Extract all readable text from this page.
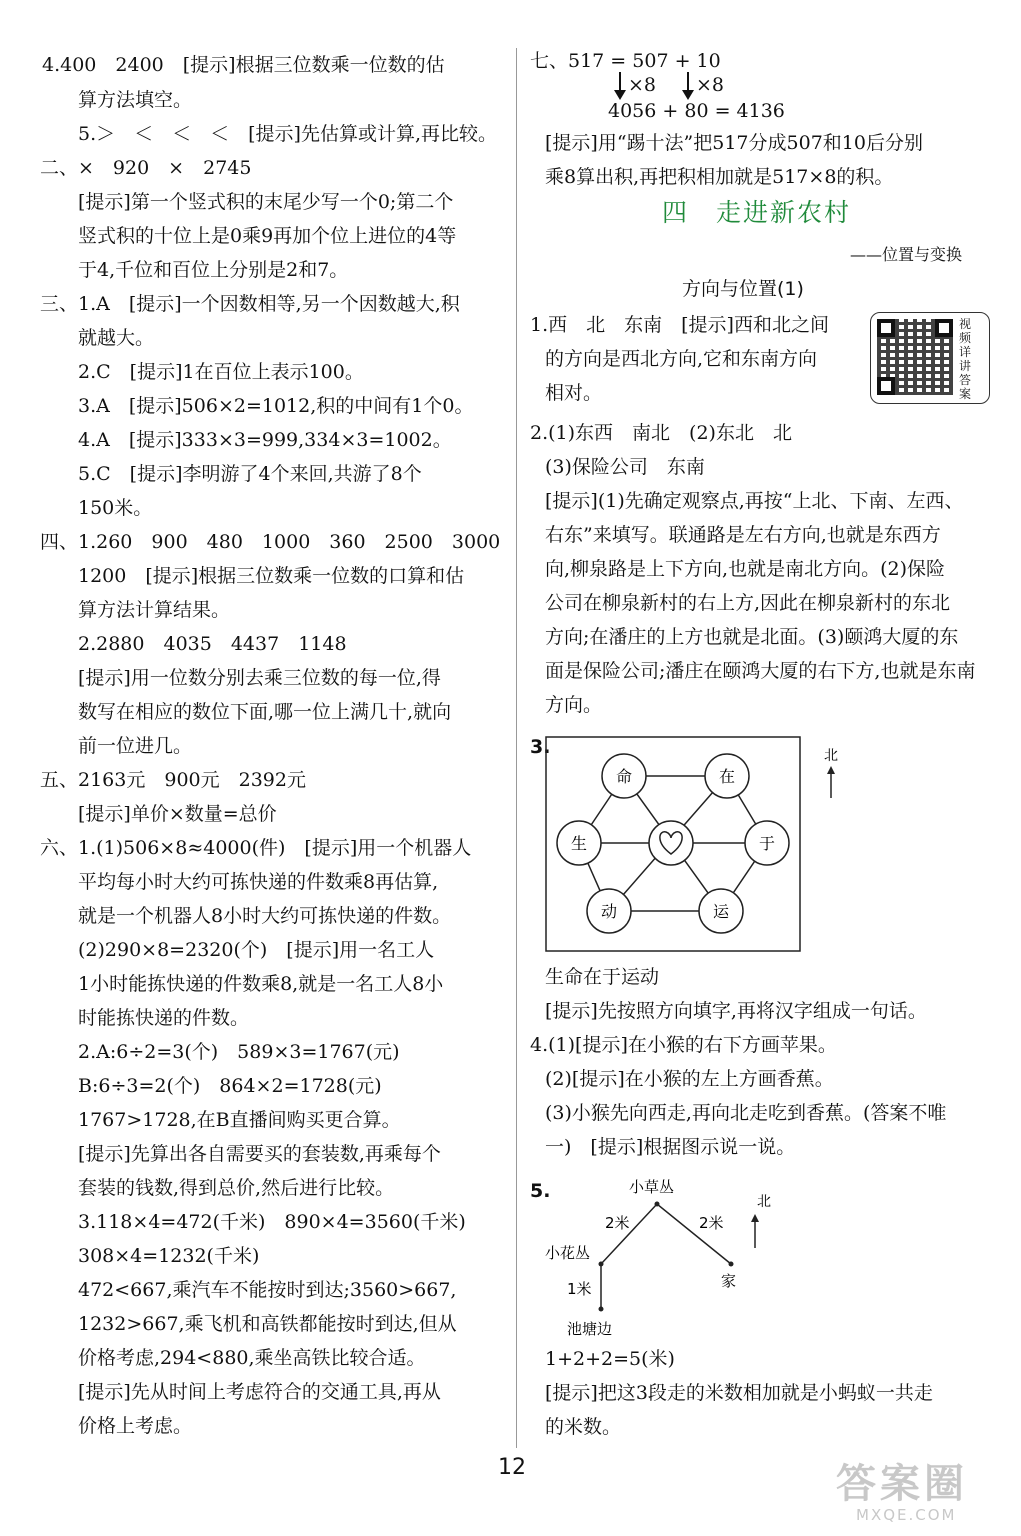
4.400　2400　[提示]根据三位数乘一位数的估
算方法填空。
5.＞　＜　＜　＜　[提示]先估算或计算,再比较。
二、×　920　×　2745
[提示]第一个竖式积的末尾少写一个0;第二个
竖式积的十位上是0乘9再加个位上进位的4等
于4,千位和百位上分别是2和7。
三、1.A　[提示]一个因数相等,另一个因数越大,积
就越大。
2.C　[提示]1在百位上表示100。
3.A　[提示]506×2=1012,积的中间有1个0。
4.A　[提示]333×3=999,334×3=1002。
5.C　[提示]李明游了4个来回,共游了8个
150米。
四、1.260　900　480　1000　360　2500　3000
1200　[提示]根据三位数乘一位数的口算和估
算方法计算结果。
2.2880　4035　4437　1148
[提示]用一位数分别去乘三位数的每一位,得
数写在相应的数位下面,哪一位上满几十,就向
前一位进几。
五、2163元　900元　2392元
[提示]单价×数量=总价
六、1.(1)506×8≈4000(件)　[提示]用一个机器人
平均每小时大约可拣快递的件数乘8再估算,
就是一个机器人8小时大约可拣快递的件数。
(2)290×8=2320(个)　[提示]用一名工人
1小时能拣快递的件数乘8,就是一名工人8小
时能拣快递的件数。
2.A:6÷2=3(个)　589×3=1767(元)
B:6÷3=2(个)　864×2=1728(元)
1767>1728,在B直播间购买更合算。
[提示]先算出各自需要买的套装数,再乘每个
套装的钱数,得到总价,然后进行比较。
3.118×4=472(千米)　890×4=3560(千米)
308×4=1232(千米)
472<667,乘汽车不能按时到达;3560>667,
1232>667,乘飞机和高铁都能按时到达,但从
价格考虑,294<880,乘坐高铁比较合适。
[提示]先从时间上考虑符合的交通工具,再从
价格上考虑。
1.西　北　东南　[提示]西和北之间
的方向是西北方向,它和东南方向
相对。
2.(1)东西　南北　(2)东北　北
(3)保险公司　东南
[提示](1)先确定观察点,再按“上北、下南、左西、
右东”来填写。联通路是左右方向,也就是东西方
向,柳泉路是上下方向,也就是南北方向。(2)保险
公司在柳泉新村的右上方,因此在柳泉新村的东北
方向;在潘庄的上方也就是北面。(3)颐鸿大厦的东
面是保险公司;潘庄在颐鸿大厦的右下方,也就是东南
方向。
生命在于运动
[提示]先按照方向填字,再将汉字组成一句话。
4.(1)[提示]在小猴的右下方画苹果。
(2)[提示]在小猴的左上方画香蕉。
(3)小猴先向西走,再向北走吃到香蕉。(答案不唯
一)　[提示]根据图示说一说。
1+2+2=5(米)
[提示]把这3段走的米数相加就是小蚂蚁一共走
的米数。
七、517 = 507 + 10
[提示]用“踢十法”把517分成507和10后分别
乘8算出积,再把积相加就是517×8的积。
×8 ×8
4056 + 80 = 4136
四　走进新农村
——位置与变换
方向与位置(1)
视频详讲答案
3.
命	在
生	于
动	运
北
5.	小草丛
小花丛
池塘边
家
2米	2米
1米
北
12	答案圈
MXQE.COM
